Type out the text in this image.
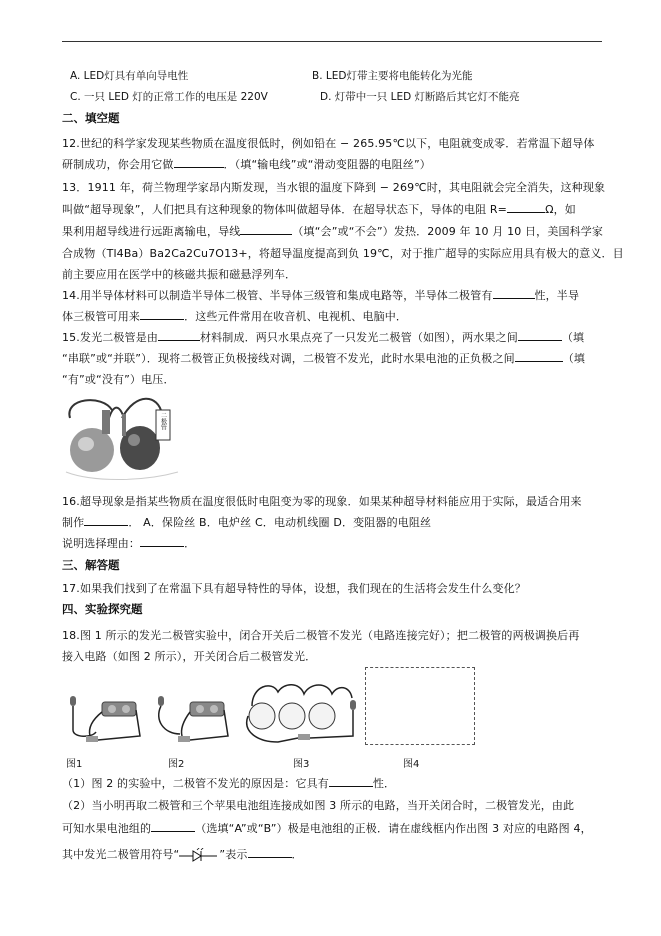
A. LED灯具有单向导电性	B. LED灯带主要将电能转化为光能
C. 一只 LED 灯的正常工作的电压是 220V	D. 灯带中一只 LED 灯断路后其它灯不能亮
二、填空题
12.世纪的科学家发现某些物质在温度很低时，例如铅在 − 265.95℃以下，电阻就变成零．若常温下超导体
研制成功，你会用它做	．（填“输电线”或“滑动变阻器的电阻丝”）
13．1911 年，荷兰物理学家昂内斯发现，当水银的温度下降到 − 269℃时，其电阻就会完全消失，这种现象
叫做“超导现象”，人们把具有这种现象的物体叫做超导体．在超导状态下，导体的电阻 R=	Ω，如
果利用超导线进行远距离输电，导线	（填“会”或“不会”）发热．2009 年 10 月 10 日，美国科学家
合成物（Tl4Ba）Ba2Ca2Cu7O13+，将超导温度提高到负 19℃，对于推广超导的实际应用具有极大的意义．目
前主要应用在医学中的核磁共振和磁悬浮列车．
14.用半导体材料可以制造半导体二极管、半导体三级管和集成电路等，半导体二极管有	性，半导
体三极管可用来	．这些元件常用在收音机、电视机、电脑中．
15.发光二极管是由	材料制成．两只水果点亮了一只发光二极管（如图），两水果之间	（填
“串联”或“并联”）．现将二极管正负极接线对调，二极管不发光，此时水果电池的正负极之间	（填
“有”或“没有”）电压．
二极管
16.超导现象是指某些物质在温度很低时电阻变为零的现象．如果某种超导材料能应用于实际，最适合用来
制作	． A．保险丝 B．电炉丝 C．电动机线圈 D．变阻器的电阻丝
说明选择理由：	．
三、解答题
17.如果我们找到了在常温下具有超导特性的导体，设想，我们现在的生活将会发生什么变化？
四、实验探究题
18.图 1 所示的发光二极管实验中，闭合开关后二极管不发光（电路连接完好）；把二极管的两极调换后再
接入电路（如图 2 所示），开关闭合后二极管发光．
图1	图2	图3	图4
（1）图 2 的实验中，二极管不发光的原因是：它具有	性．
（2）当小明再取二极管和三个苹果电池组连接成如图 3 所示的电路，当开关闭合时，二极管发光，由此
可知水果电池组的	（选填“A”或“B”）极是电池组的正极．请在虚线框内作出图 3 对应的电路图 4，
其中发光二极管用符号“	”表示	．
